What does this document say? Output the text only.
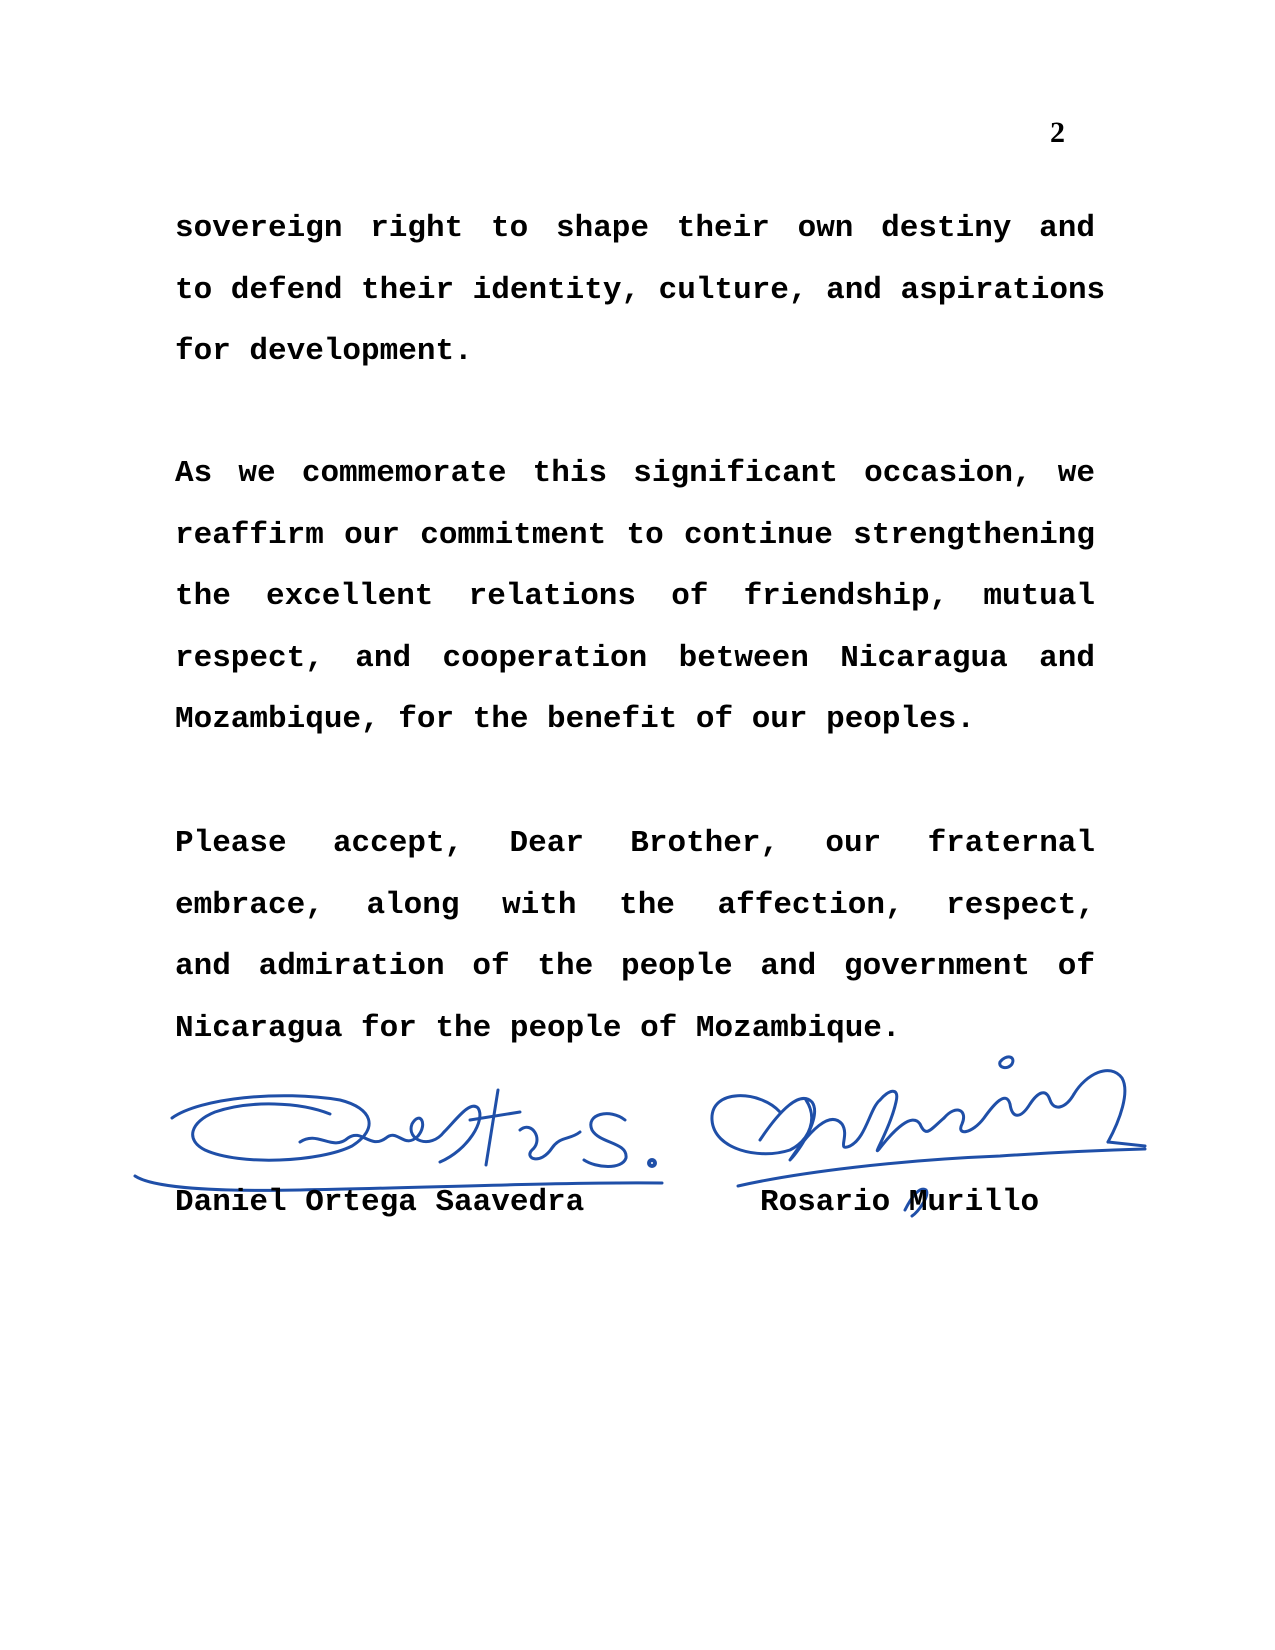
2
sovereign right to shape their own destiny and
to defend their identity, culture, and aspirations
for development.
As we commemorate this significant occasion, we
reaffirm our commitment to continue strengthening
the excellent relations of friendship, mutual
respect, and cooperation between Nicaragua and
Mozambique, for the benefit of our peoples.
Please accept, Dear Brother, our fraternal
embrace, along with the affection, respect,
and admiration of the people and government of
Nicaragua for the people of Mozambique.
Daniel Ortega Saavedra	Rosario Murillo
